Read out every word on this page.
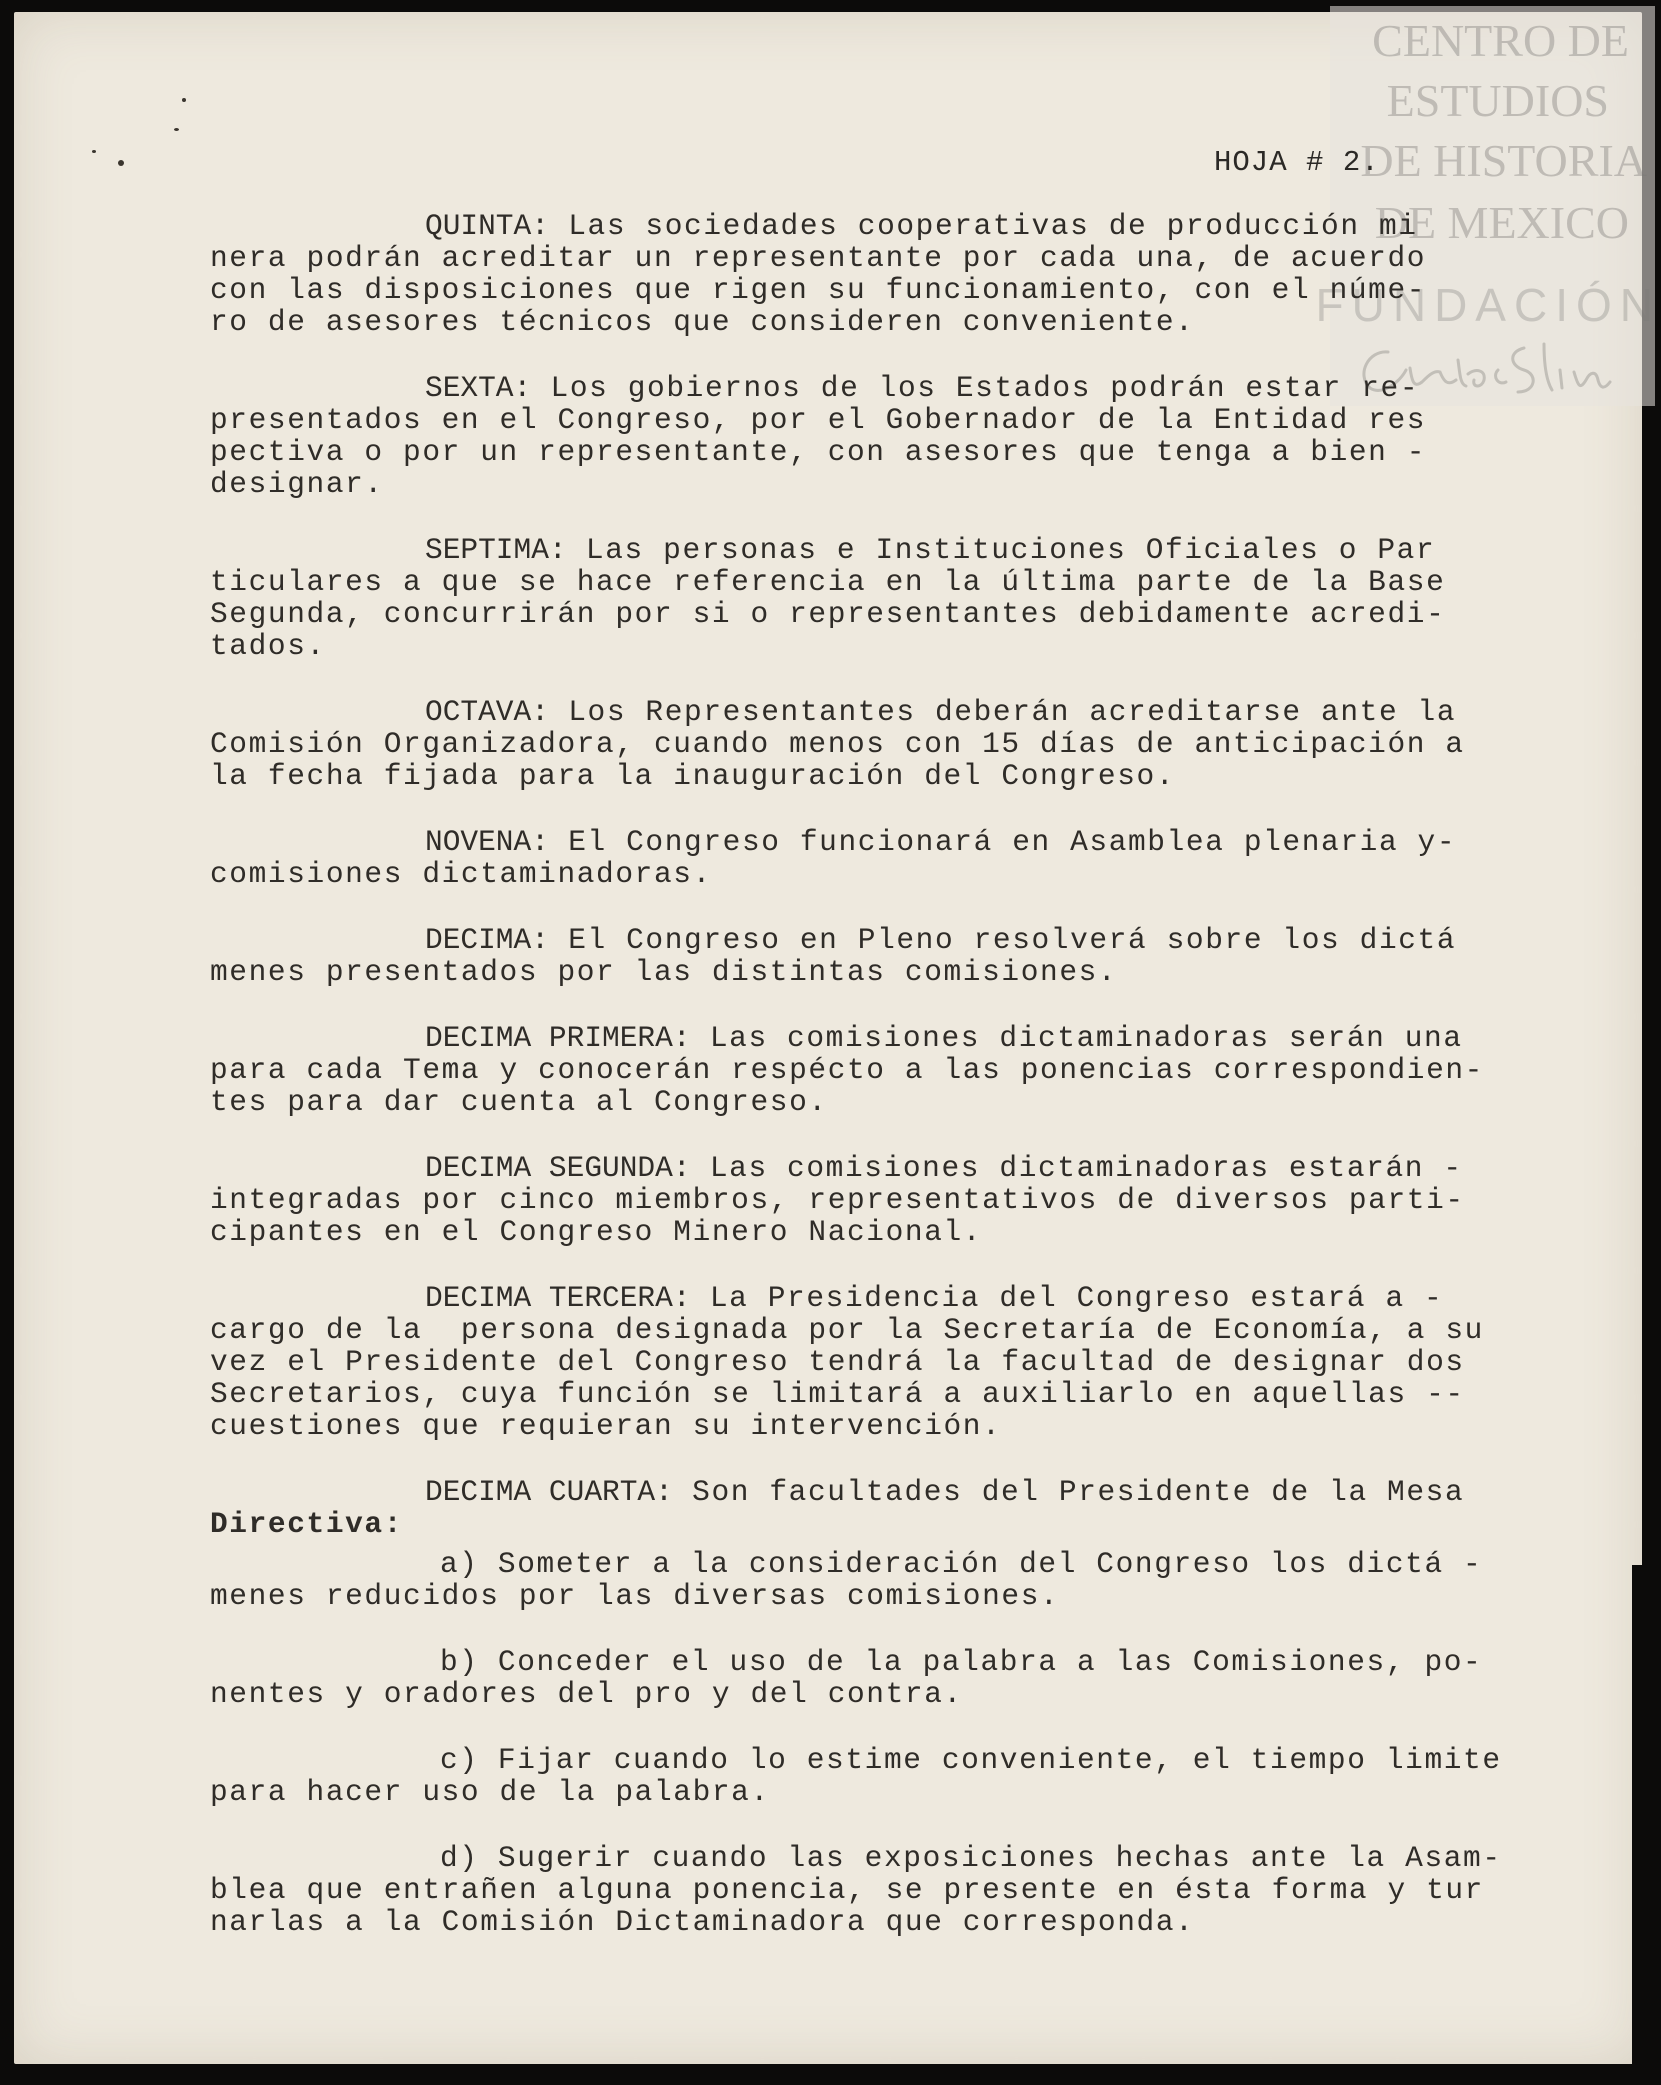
CENTRO DE
ESTUDIOS
DE HISTORIA
DE MEXICO
FUNDACIÓN
HOJA # 2.
QUINTA: Las sociedades cooperativas de producción mi
nera podrán acreditar un representante por cada una, de acuerdo
con las disposiciones que rigen su funcionamiento, con el núme-
ro de asesores técnicos que consideren conveniente.
SEXTA: Los gobiernos de los Estados podrán estar re-
presentados en el Congreso, por el Gobernador de la Entidad res
pectiva o por un representante, con asesores que tenga a bien -
designar.
SEPTIMA: Las personas e Instituciones Oficiales o Par
ticulares a que se hace referencia en la última parte de la Base
Segunda, concurrirán por si o representantes debidamente acredi-
tados.
OCTAVA: Los Representantes deberán acreditarse ante la
Comisión Organizadora, cuando menos con 15 días de anticipación a
la fecha fijada para la inauguración del Congreso.
NOVENA: El Congreso funcionará en Asamblea plenaria y-
comisiones dictaminadoras.
DECIMA: El Congreso en Pleno resolverá sobre los dictá
menes presentados por las distintas comisiones.
DECIMA PRIMERA: Las comisiones dictaminadoras serán una
para cada Tema y conocerán respécto a las ponencias correspondien-
tes para dar cuenta al Congreso.
DECIMA SEGUNDA: Las comisiones dictaminadoras estarán -
integradas por cinco miembros, representativos de diversos parti-
cipantes en el Congreso Minero Nacional.
DECIMA TERCERA: La Presidencia del Congreso estará a -
cargo de la  persona designada por la Secretaría de Economía, a su
vez el Presidente del Congreso tendrá la facultad de designar dos
Secretarios, cuya función se limitará a auxiliarlo en aquellas --
cuestiones que requieran su intervención.
DECIMA CUARTA: Son facultades del Presidente de la Mesa
Directiva:
a) Someter a la consideración del Congreso los dictá -
menes reducidos por las diversas comisiones.
b) Conceder el uso de la palabra a las Comisiones, po-
nentes y oradores del pro y del contra.
c) Fijar cuando lo estime conveniente, el tiempo limite
para hacer uso de la palabra.
d) Sugerir cuando las exposiciones hechas ante la Asam-
blea que entrañen alguna ponencia, se presente en ésta forma y tur
narlas a la Comisión Dictaminadora que corresponda.
